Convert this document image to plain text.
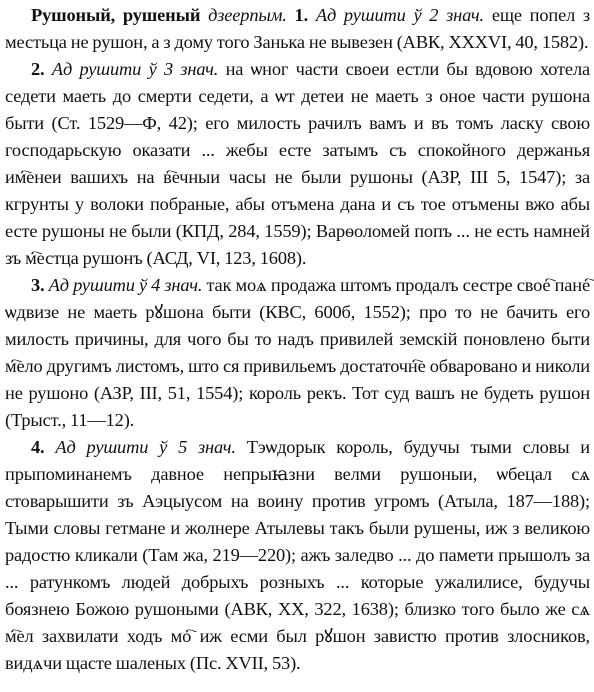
Рушоный, рушеный дзеерпым. 1. Ад рушити ў 2 знач. еще попел з местьца не рушон, а з дому того Занька не вывезен (АВК, XXXVI, 40, 1582).

2. Ад рушити ў 3 знач. на ѡног части своеи естли бы вдовою хотела седети маеть до смерти седети, а ѡт детеи не маеть з оное части рушона быти (Ст. 1529—Ф, 42); его милость рачилъ вамъ и въ томъ ласку свою господарьскую оказати ... жебы есте затымъ съ спокойного держанья им҇енеи вашихъ на в҇ечныи часы не были рушоны (АЗР, III 5, 1547); за кгрунты у волоки побраные, абы отъмена дана и съ тое отъмены вжо абы есте рушоны не были (КПД, 284, 1559); Варѳоломей попъ ... не есть намней зъ м҇естца рушонъ (АСД, VI, 123, 1608).

3. Ад рушити ў 4 знач. так моѧ продажа штомъ продалъ сестре свое҇ пане҇ ѡдвизе не маеть рꙋшона быти (КВС, 600б, 1552); про то не бачить его милость причины, для чого бы то надъ привилей земскій поновлено быти м҇ело другимъ листомъ, што ся привильемъ достаточн҇е обваровано и николи не рушоно (АЗР, III, 51, 1554); король рекъ. Тот суд вашъ не будеть рушон (Трыст., 11—12).

4. Ад рушити ў 5 знач. Тэѡдорык король, будучы тыми словы и прыпоминанемъ давное непрыꙗзни велми рушоныи, ѡбецал сѧ стоварышити зъ Аэцыусом на воину против угромъ (Атыла, 187—188); Тыми словы гетмане и жолнере Атылевы такъ были рушены, иж з великою радостю кликали (Там жа, 219—220); ажъ заледво ... до памети прышолъ за ... ратункомъ людей добрыхъ розныхъ ... которые ужалилисе, будучы боязнею Божою рушоными (АВК, XX, 322, 1638); близко того было же сѧ м҇ел захвилати ходъ мо҇ иж есми был рꙋшон завистю против злосников, видѧчи щасте шаленых (Пс. XVII, 53).
